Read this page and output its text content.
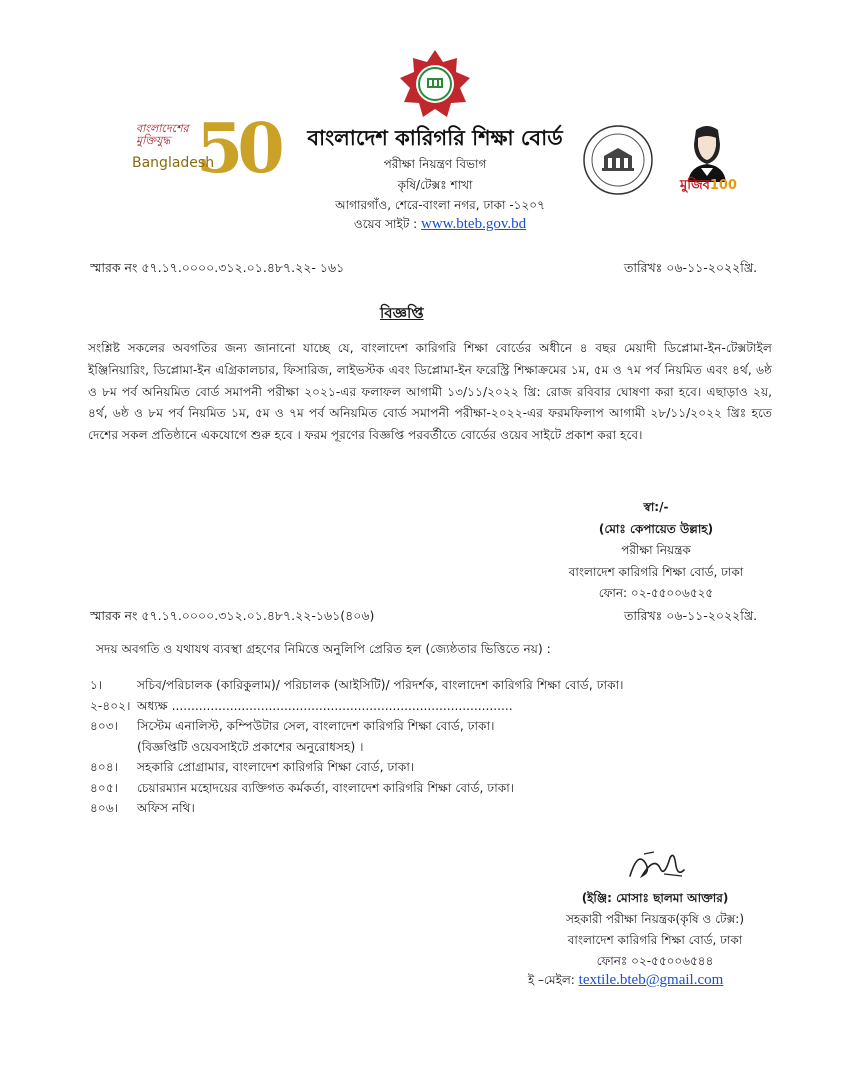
বাংলাদেশের মুক্তিযুদ্ধ 50
Bangladesh
বাংলাদেশ কারিগরি শিক্ষা বোর্ড
পরীক্ষা নিয়ন্ত্রণ বিভাগ
কৃষি/টেক্সঃ শাখা
আগারগাঁও, শেরে-বাংলা নগর, ঢাকা -১২০৭
ওয়েব সাইট : www.bteb.gov.bd
মুজিব100
স্মারক নং ৫৭.১৭.০০০০.৩১২.০১.৪৮৭.২২- ১৬১	তারিখঃ ০৬-১১-২০২২খ্রি.
বিজ্ঞপ্তি
সংশ্লিষ্ট সকলের অবগতির জন্য জানানো যাচ্ছে যে, বাংলাদেশ কারিগরি শিক্ষা বোর্ডের অধীনে ৪ বছর মেয়াদী ডিপ্লোমা-ইন-টেক্সটাইল ইঞ্জিনিয়ারিং, ডিপ্লোমা-ইন এগ্রিকালচার, ফিসারিজ, লাইভস্টক এবং ডিপ্লোমা-ইন ফরেস্ট্রি শিক্ষাক্রমের ১ম, ৫ম ও ৭ম পর্ব নিয়মিত এবং ৪র্থ, ৬ষ্ঠ ও ৮ম পর্ব অনিয়মিত বোর্ড সমাপনী পরীক্ষা ২০২১-এর ফলাফল আগামী ১৩/১১/২০২২ খ্রি: রোজ রবিবার ঘোষণা করা হবে। এছাড়াও ২য়, ৪র্থ, ৬ষ্ঠ ও ৮ম পর্ব নিয়মিত ১ম, ৫ম ও ৭ম পর্ব অনিয়মিত বোর্ড সমাপনী পরীক্ষা-২০২২-এর ফরমফিলাপ আগামী ২৮/১১/২০২২ খ্রিঃ হতে দেশের সকল প্রতিষ্ঠানে একযোগে শুরু হবে । ফরম পূরণের বিজ্ঞপ্তি পরবর্তীতে বোর্ডের ওয়েব সাইটে প্রকাশ করা হবে।
স্বা:/-
(মোঃ কেপায়েত উল্লাহ)
পরীক্ষা নিয়ন্ত্রক
বাংলাদেশ কারিগরি শিক্ষা বোর্ড, ঢাকা
ফোন: ০২-৫৫০০৬৫২৫
স্মারক নং ৫৭.১৭.০০০০.৩১২.০১.৪৮৭.২২-১৬১(৪০৬)	তারিখঃ ০৬-১১-২০২২খ্রি.
সদয় অবগতি ও যথাযথ ব্যবস্থা গ্রহণের নিমিত্তে অনুলিপি প্রেরিত হল (জ্যেষ্ঠতার ভিত্তিতে নয়) :
১।	সচিব/পরিচালক (কারিকুলাম)/ পরিচালক (আইসিটি)/ পরিদর্শক, বাংলাদেশ কারিগরি শিক্ষা বোর্ড, ঢাকা।
২-৪০২। অধ্যক্ষ ........................................................................................
৪০৩।	সিস্টেম এনালিস্ট, কম্পিউটার সেল, বাংলাদেশ কারিগরি শিক্ষা বোর্ড, ঢাকা।
(বিজ্ঞপ্তিটি ওয়েবসাইটে প্রকাশের অনুরোধসহ) ।
৪০৪।	সহকারি প্রোগ্রামার, বাংলাদেশ কারিগরি শিক্ষা বোর্ড, ঢাকা।
৪০৫।	চেয়ারম্যান মহোদয়ের ব্যক্তিগত কর্মকর্তা, বাংলাদেশ কারিগরি শিক্ষা বোর্ড, ঢাকা।
৪০৬।	অফিস নথি।
(ইঞ্জি: মোসাঃ ছালমা আক্তার)
সহকারী পরীক্ষা নিয়ন্ত্রক(কৃষি ও টেক্স:)
বাংলাদেশ কারিগরি শিক্ষা বোর্ড, ঢাকা
ফোনঃ ০২-৫৫০০৬৫৪৪
ই –মেইল: textile.bteb@gmail.com
